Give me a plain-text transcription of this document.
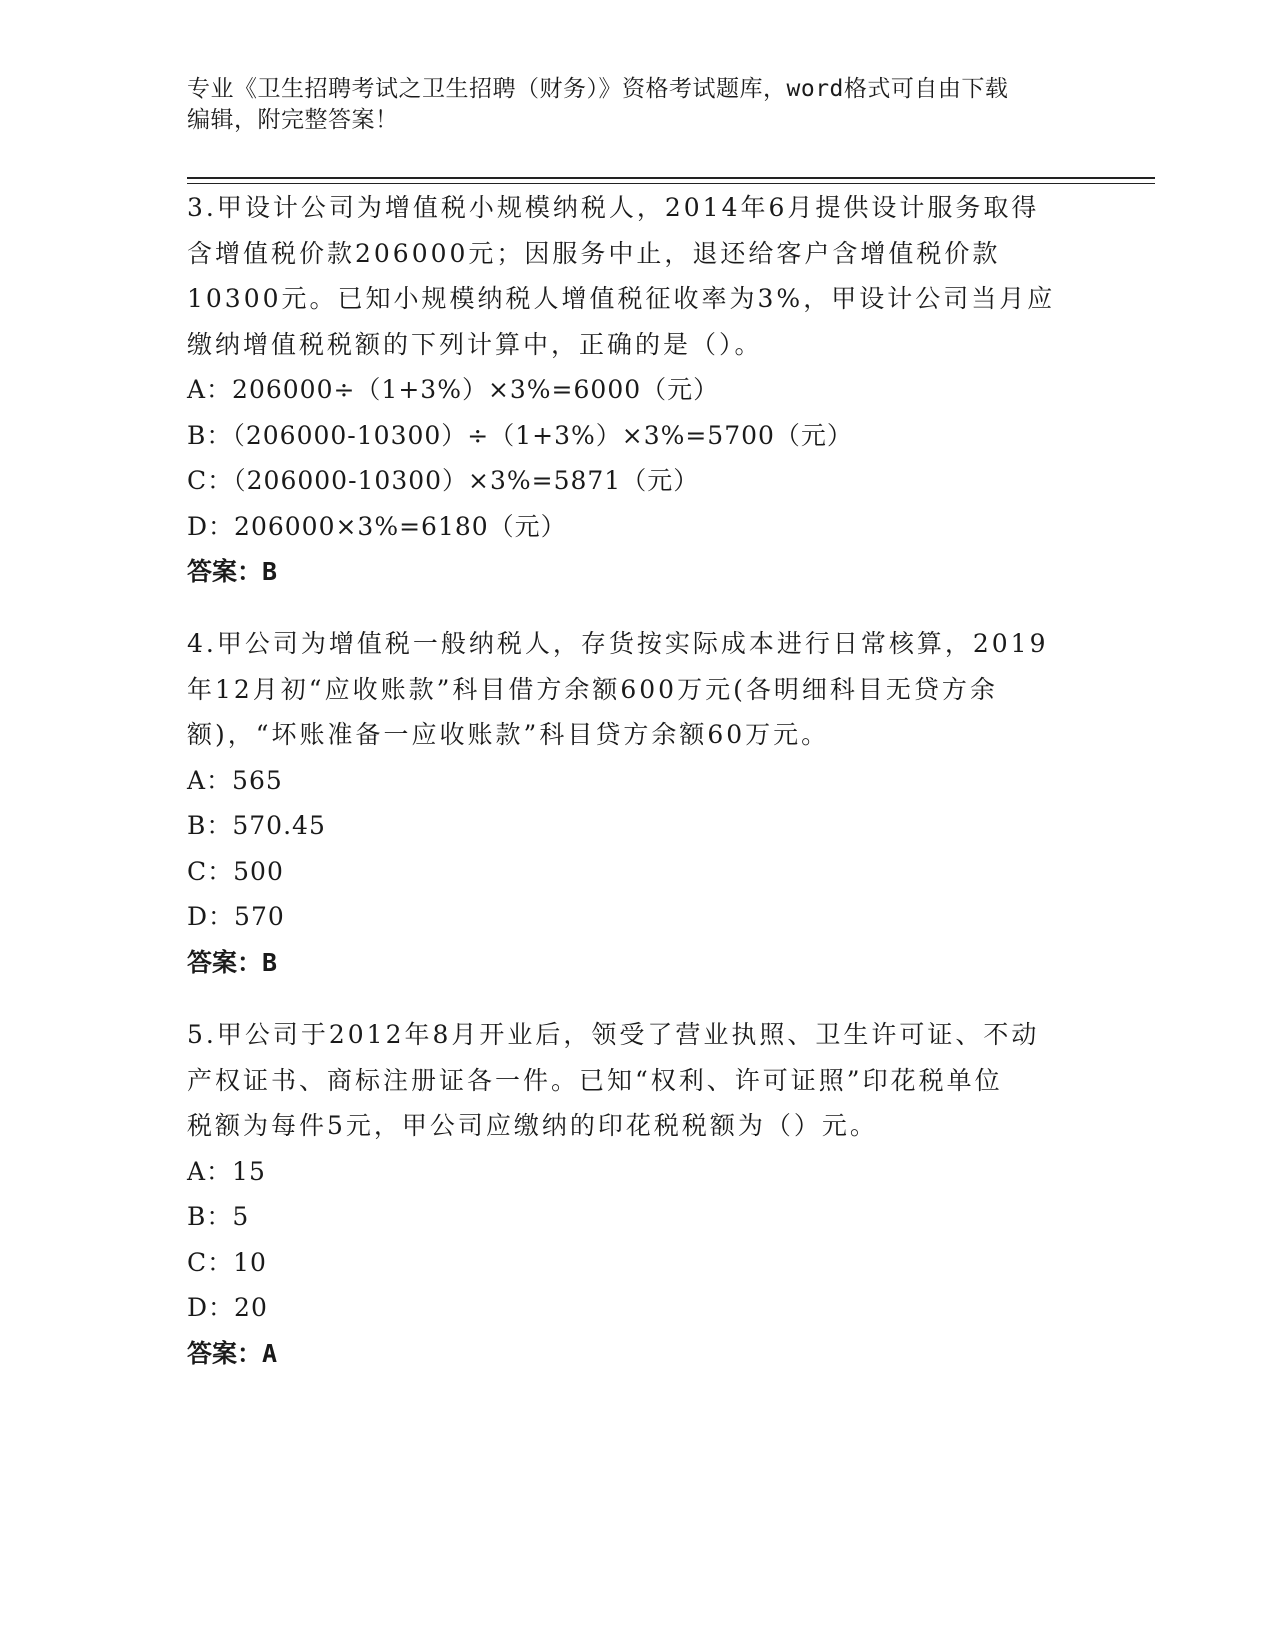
专业《卫生招聘考试之卫生招聘（财务）》资格考试题库，word格式可自由下载
编辑，附完整答案！

3.甲设计公司为增值税小规模纳税人，2014年6月提供设计服务取得

含增值税价款206000元；因服务中止，退还给客户含增值税价款

10300元。已知小规模纳税人增值税征收率为3%，甲设计公司当月应

缴纳增值税税额的下列计算中，正确的是（）。

A：206000÷（1+3%）×3%=6000（元）

B：（206000-10300）÷（1+3%）×3%=5700（元）

C：（206000-10300）×3%=5871（元）

D：206000×3%=6180（元）

答案：B

4.甲公司为增值税一般纳税人，存货按实际成本进行日常核算，2019

年12月初“应收账款”科目借方余额600万元(各明细科目无贷方余

额)，“坏账准备一应收账款”科目贷方余额60万元。

A：565

B：570.45

C：500

D：570

答案：B

5.甲公司于2012年8月开业后，领受了营业执照、卫生许可证、不动

产权证书、商标注册证各一件。已知“权利、许可证照”印花税单位

税额为每件5元，甲公司应缴纳的印花税税额为（）元。

A：15

B：5

C：10

D：20

答案：A
